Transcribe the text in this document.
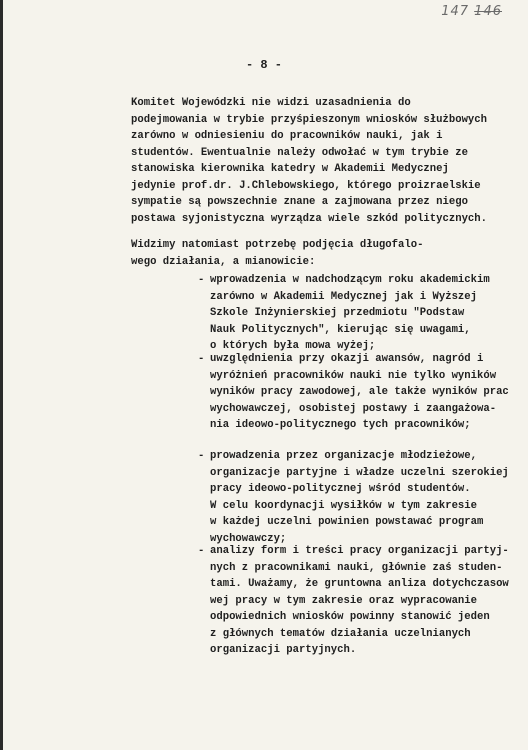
147 146
- 8 -
Komitet Wojewódzki nie widzi uzasadnienia do
podejmowania w trybie przyśpieszonym wniosków służbowych
zarówno w odniesieniu do pracowników nauki, jak i
studentów. Ewentualnie należy odwołać w tym trybie ze
stanowiska kierownika katedry w Akademii Medycznej
jedynie prof.dr. J.Chlebowskiego, którego proizraelskie
sympatie są powszechnie znane a zajmowana przez niego
postawa syjonistyczna wyrządza wiele szkód politycznych.
Widzimy natomiast potrzebę podjęcia długofalo-
wego działania, a mianowicie:
- wprowadzenia w nadchodzącym roku akademickim
zarówno w Akademii Medycznej jak i Wyższej
Szkole Inżynierskiej przedmiotu "Podstaw
Nauk Politycznych", kierując się uwagami,
o których była mowa wyżej;
- uwzględnienia przy okazji awansów, nagród i
wyróżnień pracowników nauki nie tylko wyników
wyników pracy zawodowej, ale także wyników prac
wychowawczej, osobistej postawy i zaangażowa-
nia ideowo-politycznego tych pracowników;
- prowadzenia przez organizacje młodzieżowe,
organizacje partyjne i władze uczelni szerokiej
pracy ideowo-politycznej wśród studentów.
W celu koordynacji wysiłków w tym zakresie
w każdej uczelni powinien powstawać program
wychowawczy;
- analizy form i treści pracy organizacji partyj-
nych z pracownikami nauki, głównie zaś studen-
tami. Uważamy, że gruntowna anliza dotychczasow
wej pracy w tym zakresie oraz wypracowanie
odpowiednich wniosków powinny stanowić jeden
z głównych tematów działania uczelnianych
organizacji partyjnych.
